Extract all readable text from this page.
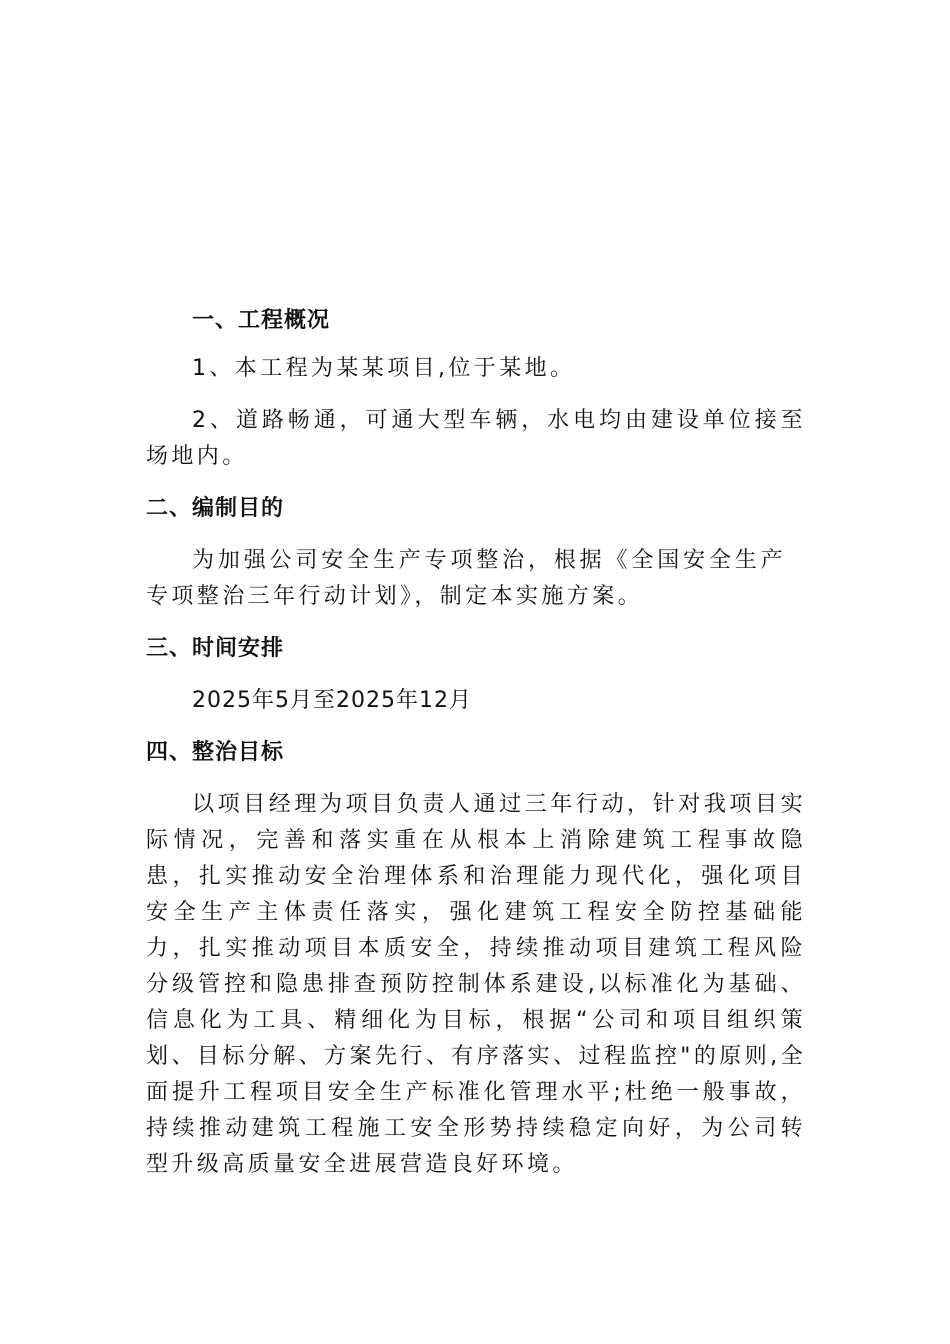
一、工程概况

1、本工程为某某项目,位于某地。

2、道路畅通，可通大型车辆，水电均由建设单位接至场地内。

二、编制目的

为加强公司安全生产专项整治，根据《全国安全生产专项整治三年行动计划》，制定本实施方案。

三、时间安排

2025年5月至2025年12月

四、整治目标

以项目经理为项目负责人通过三年行动，针对我项目实际情况，完善和落实重在从根本上消除建筑工程事故隐患，扎实推动安全治理体系和治理能力现代化，强化项目安全生产主体责任落实，强化建筑工程安全防控基础能力，扎实推动项目本质安全，持续推动项目建筑工程风险分级管控和隐患排查预防控制体系建设,以标准化为基础、信息化为工具、精细化为目标，根据“公司和项目组织策划、目标分解、方案先行、有序落实、过程监控"的原则,全面提升工程项目安全生产标准化管理水平;杜绝一般事故，持续推动建筑工程施工安全形势持续稳定向好，为公司转型升级高质量安全进展营造良好环境。
